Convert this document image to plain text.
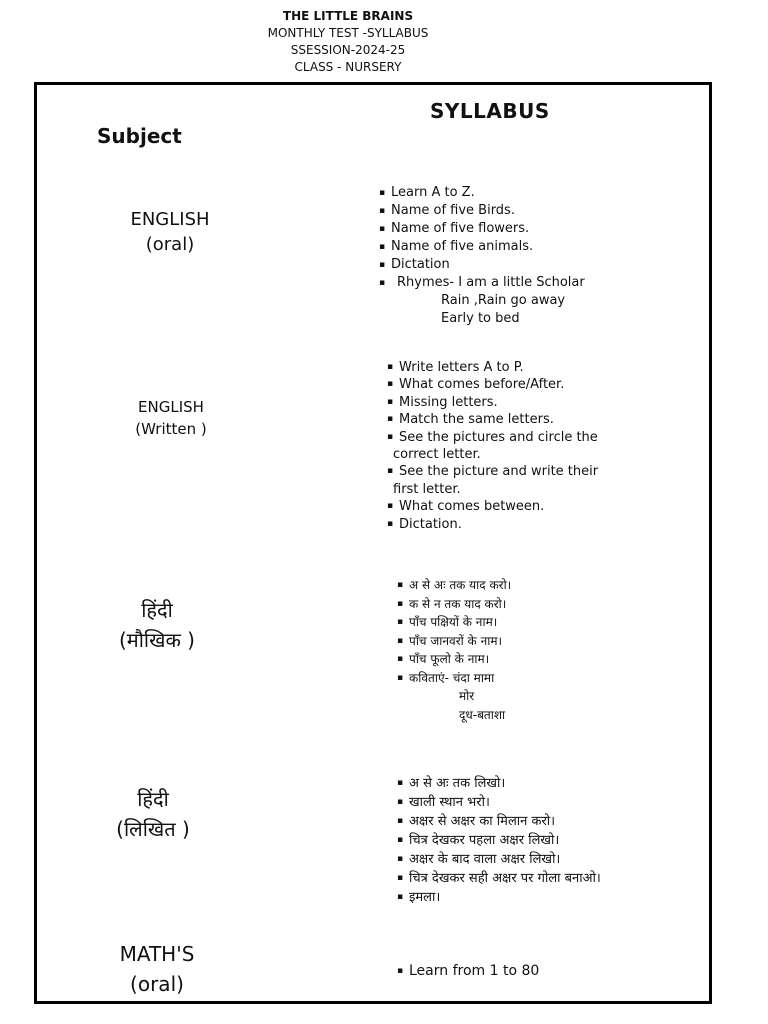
THE LITTLE BRAINS
MONTHLY TEST -SYLLABUS
SSESSION-2024-25
CLASS - NURSERY
Subject
SYLLABUS
ENGLISH
(oral)
▪ Learn A to Z.
▪ Name of five Birds.
▪ Name of five flowers.
▪ Name of five animals.
▪ Dictation
▪ Rhymes- I am a little Scholar
Rain ,Rain go away
Early to bed
ENGLISH
(Written )
▪ Write letters A to P.
▪ What comes before/After.
▪ Missing letters.
▪ Match the same letters.
▪ See the pictures and circle the
correct letter.
▪ See the picture and write their
first letter.
▪ What comes between.
▪ Dictation.
हिंदी
(मौखिक )
▪ अ से अः तक याद करो।
▪ क से न तक याद करो।
▪ पाँच पक्षियों के नाम।
▪ पाँच जानवरों के नाम।
▪ पाँच फूलो के नाम।
▪ कविताएं- चंदा मामा
मोर
दूध-बताशा
हिंदी
(लिखित )
▪ अ से अः तक लिखो।
▪ खाली स्थान भरो।
▪ अक्षर से अक्षर का मिलान करो।
▪ चित्र देखकर पहला अक्षर लिखो।
▪ अक्षर के बाद वाला अक्षर लिखो।
▪ चित्र देखकर सही अक्षर पर गोला बनाओ।
▪ इमला।
MATH'S
(oral)
▪ Learn from 1 to 80
